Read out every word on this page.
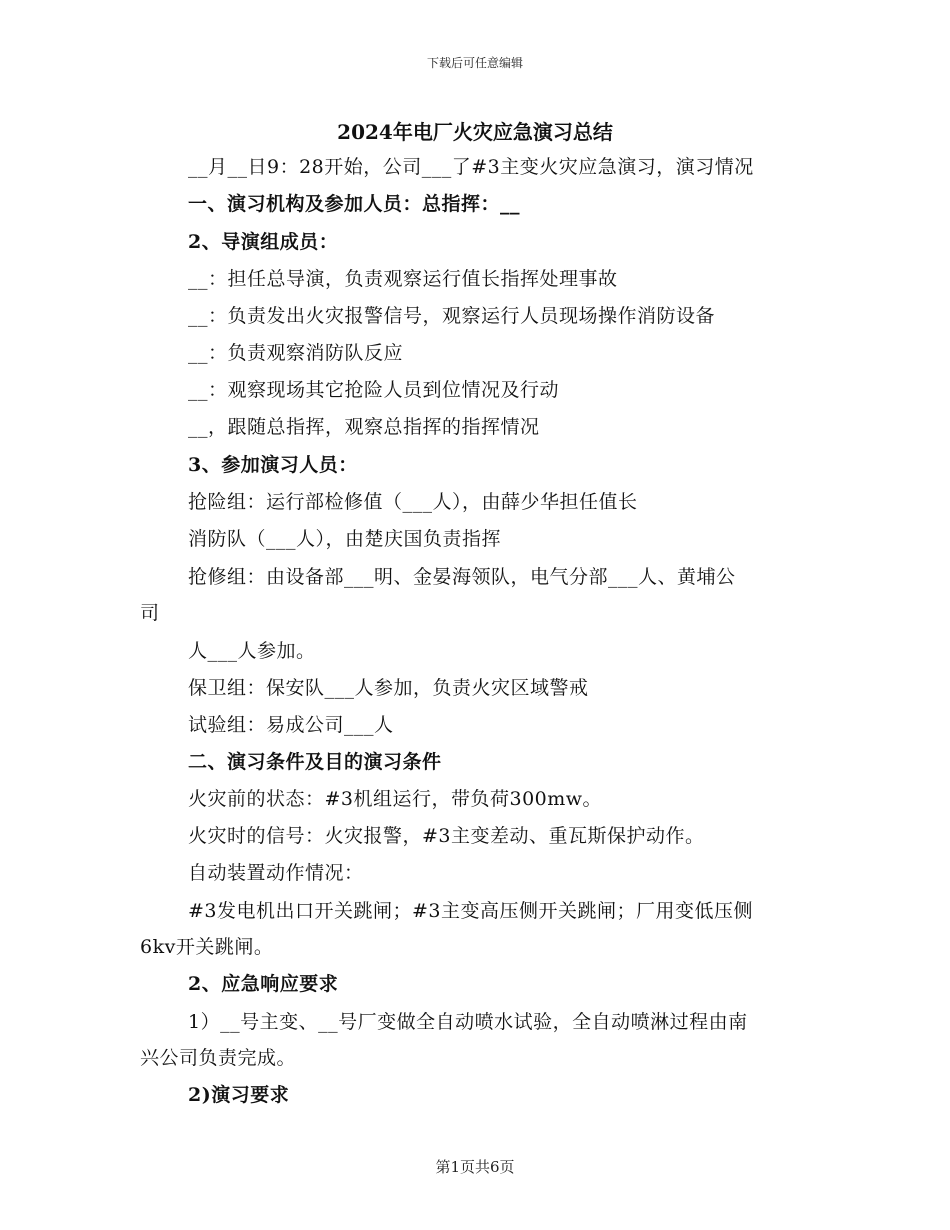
下载后可任意编辑
2024年电厂火灾应急演习总结
__月__日9：28开始，公司___了#3主变火灾应急演习，演习情况
一、演习机构及参加人员：总指挥：__
2、导演组成员：
__：担任总导演，负责观察运行值长指挥处理事故
__：负责发出火灾报警信号，观察运行人员现场操作消防设备
__：负责观察消防队反应
__：观察现场其它抢险人员到位情况及行动
__，跟随总指挥，观察总指挥的指挥情况
3、参加演习人员：
抢险组：运行部检修值（___人），由薛少华担任值长
消防队（___人），由楚庆国负责指挥
抢修组：由设备部___明、金晏海领队，电气分部___人、黄埔公
司
人___人参加。
保卫组：保安队___人参加，负责火灾区域警戒
试验组：易成公司___人
二、演习条件及目的演习条件
火灾前的状态：#3机组运行，带负荷300mw。
火灾时的信号：火灾报警，#3主变差动、重瓦斯保护动作。
自动装置动作情况：
#3发电机出口开关跳闸；#3主变高压侧开关跳闸；厂用变低压侧
6kv开关跳闸。
2、应急响应要求
1）__号主变、__号厂变做全自动喷水试验，全自动喷淋过程由南
兴公司负责完成。
2)演习要求
第1页共6页
